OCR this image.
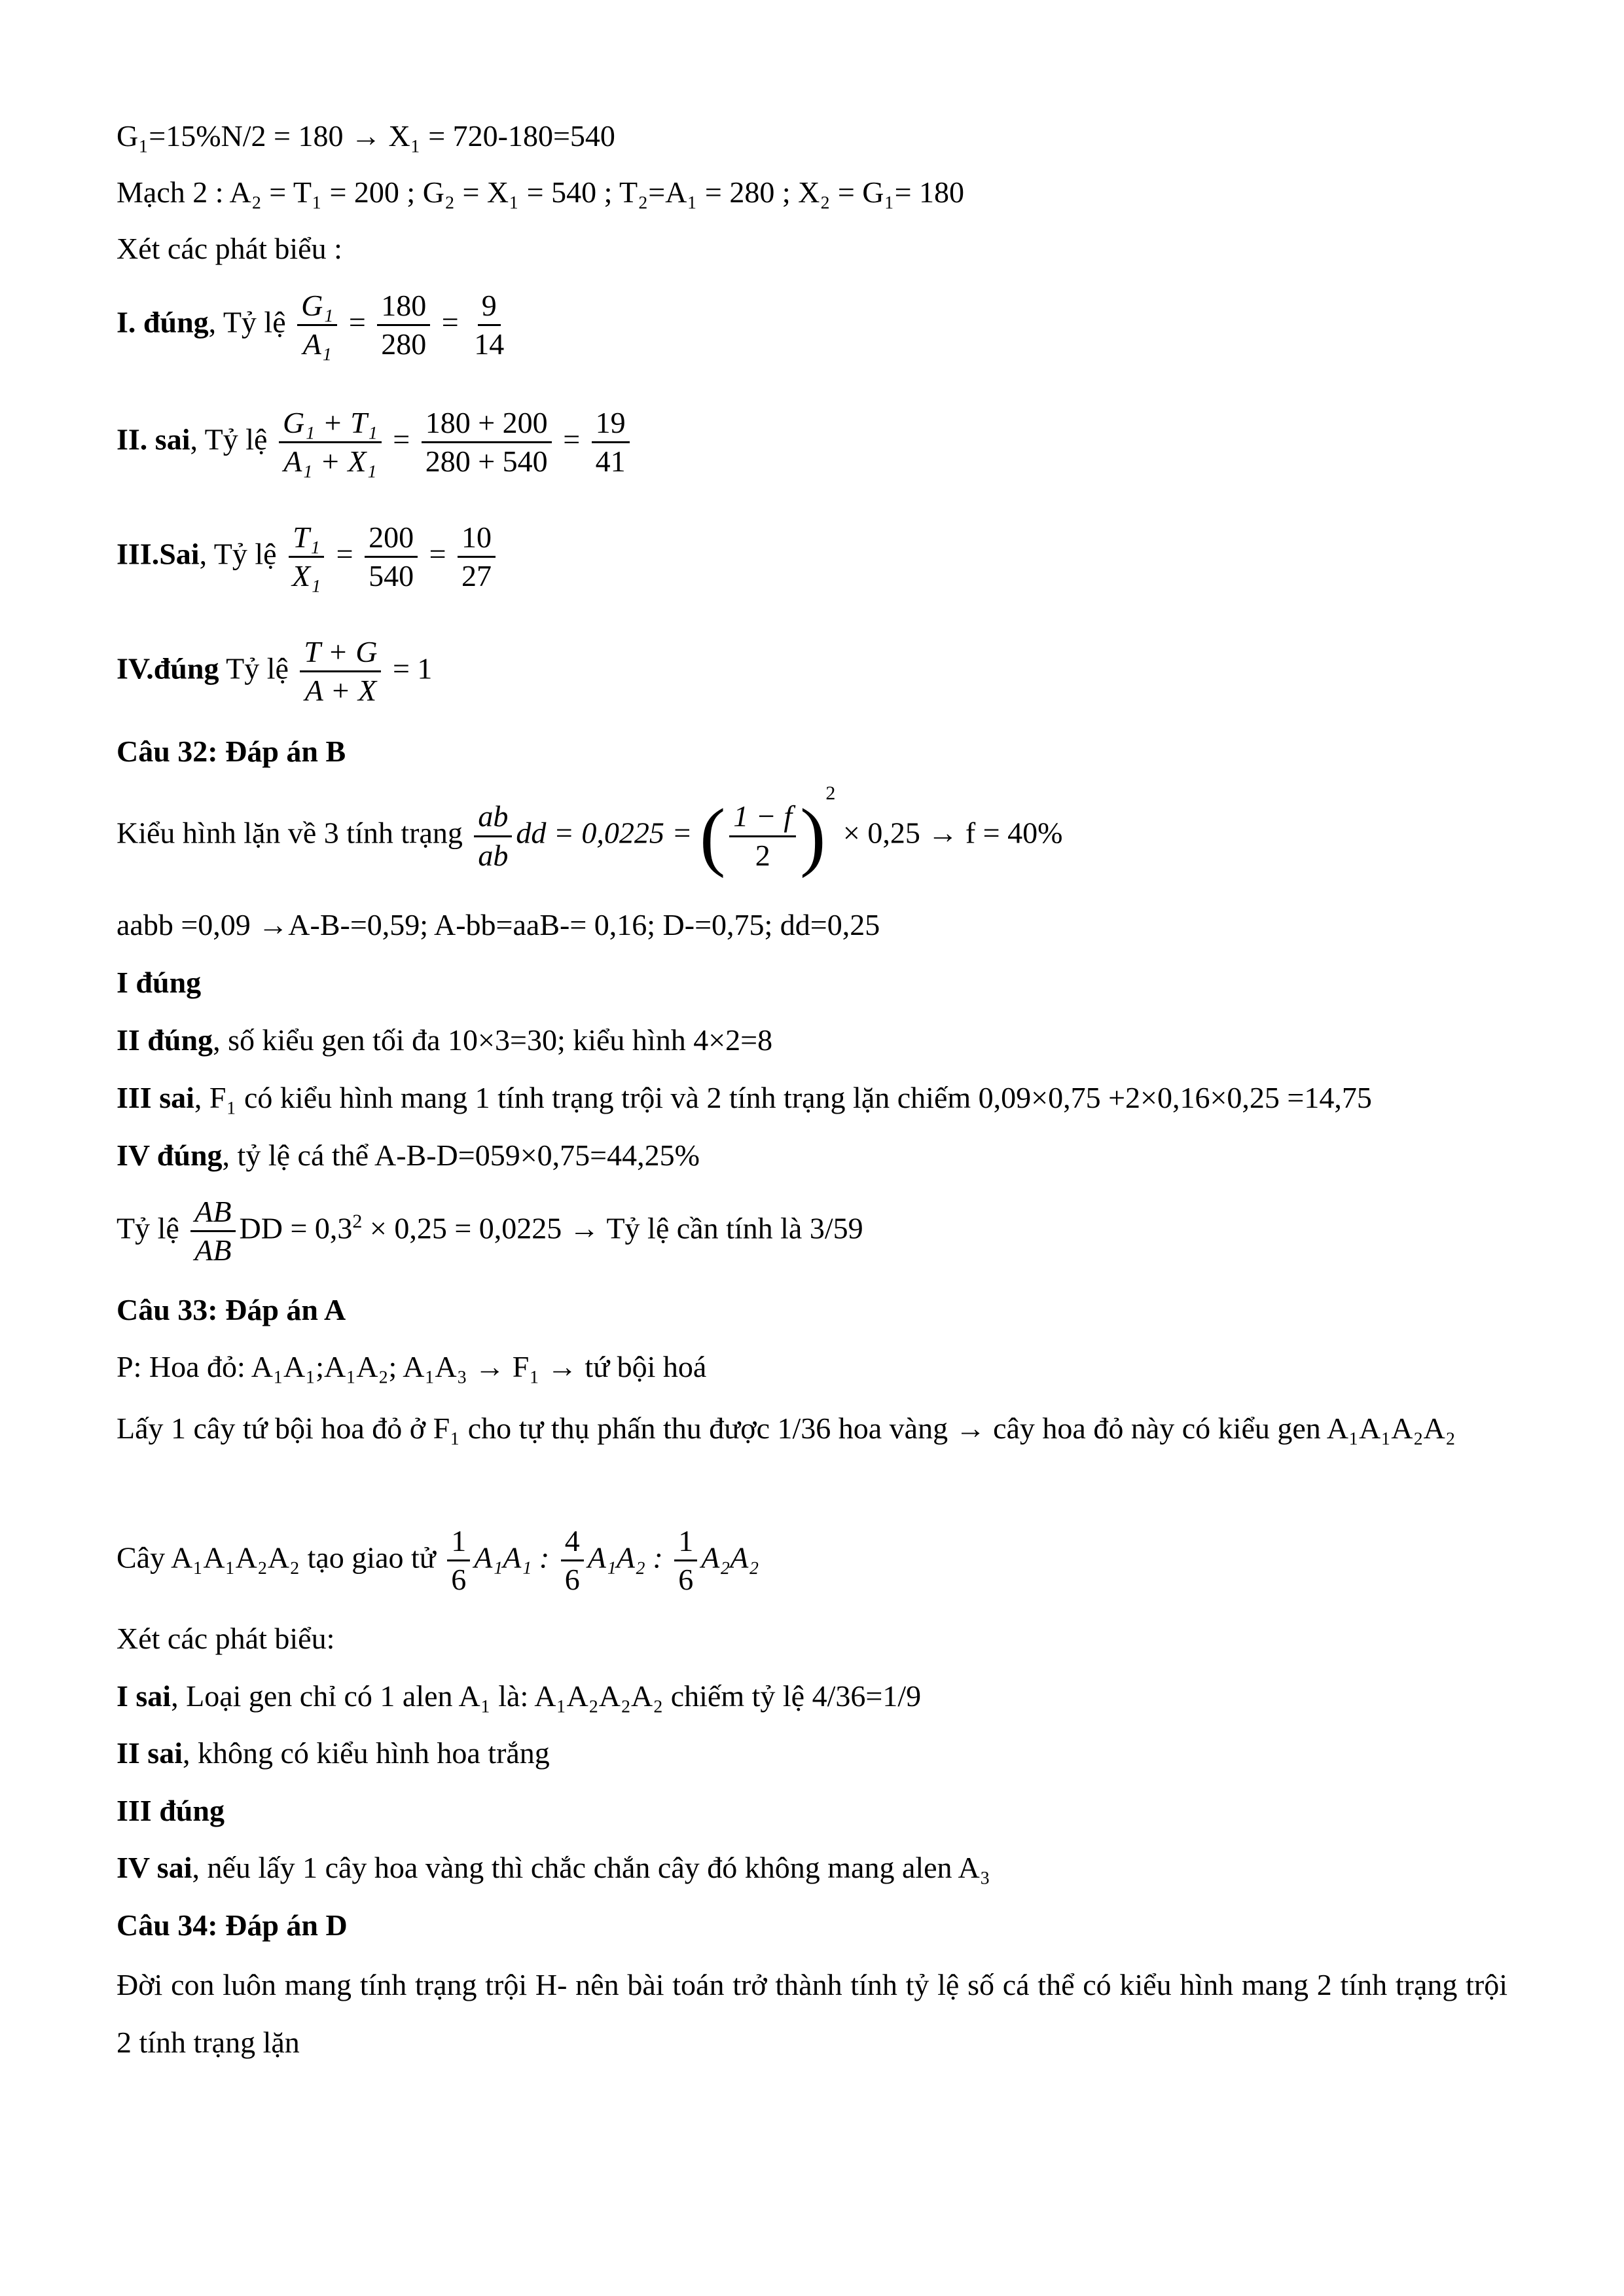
G₁=15%N/2 = 180 → X₁ = 720-180=540
Mạch 2 : A₂ = T₁ = 200 ; G₂ = X₁ = 540 ; T₂=A₁ = 280 ; X₂ = G₁= 180
Xét các phát biểu :
I. đúng, Tỷ lệ $\frac{\text{G₁}}{\text{A₁}} = \frac{180}{280} = \frac{9}{14}$
II. sai, Tỷ lệ $\frac{\text{G₁ + T₁}}{\text{A₁ + X₁}} = \frac{180 + 200}{280 + 540} = \frac{19}{41}$
III.Sai, Tỷ lệ $\frac{\text{T₁}}{\text{X₁}} = \frac{200}{540} = \frac{10}{27}$
IV.đúng Tỷ lệ $\frac{T + G}{A + X} = 1$
Câu 32: Đáp án B
Kiểu hình lặn về 3 tính trạng $\frac{ab}{ab}$ dd = 0,0225 = ( $\frac{1 - f}{2} )^2 \times 0,25 \to f = 40\%$
aabb =0,09 →A-B-=0,59; A-bb=aaB-= 0,16; D-=0,75; dd=0,25
I đúng
II đúng, số kiểu gen tối đa 10×3=30; kiểu hình 4×2=8
III sai, F₁ có kiểu hình mang 1 tính trạng trội và 2 tính trạng lặn chiếm 0,09×0,75 +2×0,16×0,25 =14,75
IV đúng, tỷ lệ cá thể A-B-D=059×0,75=44,25%
Tỷ lệ $\frac{AB}{AB}$ DD = $0,3^2 \times 0,25 = 0,0225$ → Tỷ lệ cần tính là 3/59
Câu 33: Đáp án A
P: Hoa đỏ: A₁A₁;A₁A₂; A₁A₃ → F₁ → tứ bội hoá
Lấy 1 cây tứ bội hoa đỏ ở F₁ cho tự thụ phấn thu được 1/36 hoa vàng → cây hoa đỏ này có kiểu gen A₁A₁A₂A₂
Cây A₁A₁A₂A₂ tạo giao tử $\frac{1}{6} A_1A_1$ : $\frac{4}{6} A_1A_2$ : $\frac{1}{6} A_2A_2$
Xét các phát biểu:
I sai, Loại gen chỉ có 1 alen A₁ là: A₁A₂A₂A₂ chiếm tỷ lệ 4/36=1/9
II sai, không có kiểu hình hoa trắng
III đúng
IV sai, nếu lấy 1 cây hoa vàng thì chắc chắn cây đó không mang alen A₃
Câu 34: Đáp án D
Đời con luôn mang tính trạng trội H- nên bài toán trở thành tính tỷ lệ số cá thể có kiểu hình mang 2 tính trạng trội 2 tính trạng lặn
